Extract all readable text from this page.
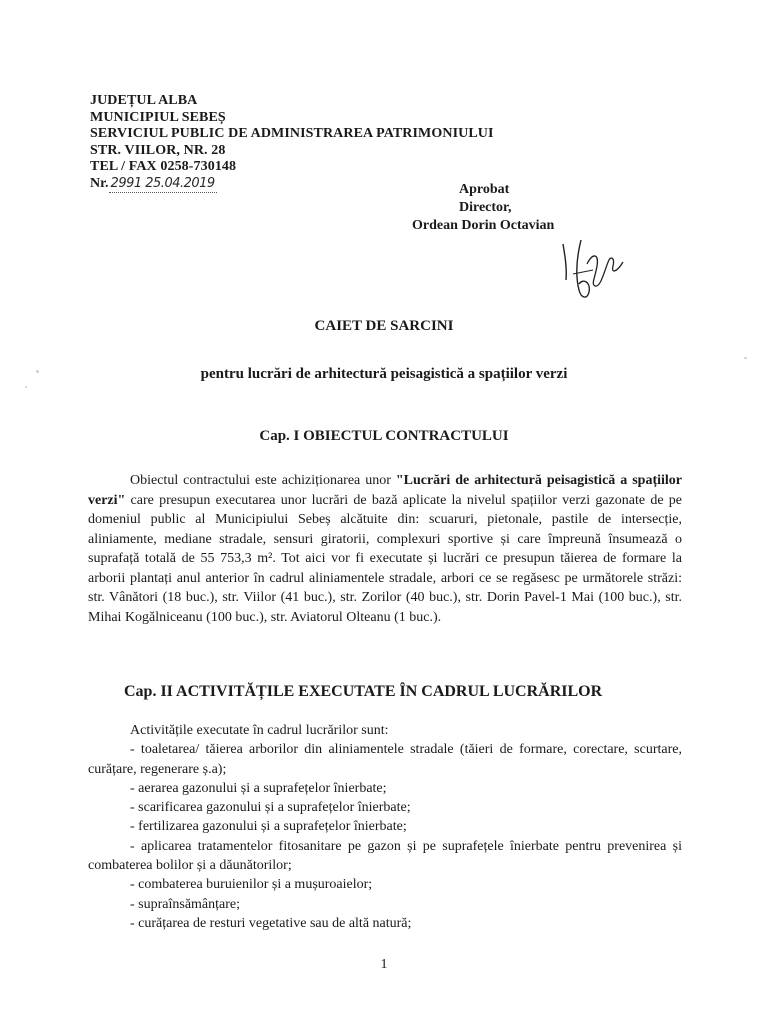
JUDEȚUL ALBA
MUNICIPIUL SEBEȘ
SERVICIUL PUBLIC DE ADMINISTRAREA PATRIMONIULUI
STR. VIILOR, NR. 28
TEL / FAX 0258-730148
Nr. 2991 25.04.2019	Aprobat
Director,
Ordean Dorin Octavian
CAIET DE SARCINI
pentru lucrări de arhitectură peisagistică a spațiilor verzi
Cap. I OBIECTUL CONTRACTULUI

Obiectul contractului este achiziționarea unor "Lucrări de arhitectură peisagistică a spațiilor verzi" care presupun executarea unor lucrări de bază aplicate la nivelul spațiilor verzi gazonate de pe domeniul public al Municipiului Sebeș alcătuite din: scuaruri, pietonale, pastile de intersecție, aliniamente, mediane stradale, sensuri giratorii, complexuri sportive și care împreună însumează o suprafață totală de 55 753,3 m². Tot aici vor fi executate și lucrări ce presupun tăierea de formare la arborii plantați anul anterior în cadrul aliniamentele stradale, arbori ce se regăsesc pe următorele străzi: str. Vânători (18 buc.), str. Viilor (41 buc.), str. Zorilor (40 buc.), str. Dorin Pavel-1 Mai (100 buc.), str. Mihai Kogălniceanu (100 buc.), str. Aviatorul Olteanu (1 buc.).

Cap. II ACTIVITĂȚILE EXECUTATE ÎN CADRUL LUCRĂRILOR
Activitățile executate în cadrul lucrărilor sunt:
- toaletarea/ tăierea arborilor din aliniamentele stradale (tăieri de formare, corectare, scurtare, curățare, regenerare ș.a);
- aerarea gazonului și a suprafețelor înierbate;
- scarificarea gazonului și a suprafețelor înierbate;
- fertilizarea gazonului și a suprafețelor înierbate;
- aplicarea tratamentelor fitosanitare pe gazon și pe suprafețele înierbate pentru prevenirea și combaterea bolilor și a dăunătorilor;
- combaterea buruienilor și a mușuroaielor;
- supraînsămânțare;
- curățarea de resturi vegetative sau de altă natură;
1
